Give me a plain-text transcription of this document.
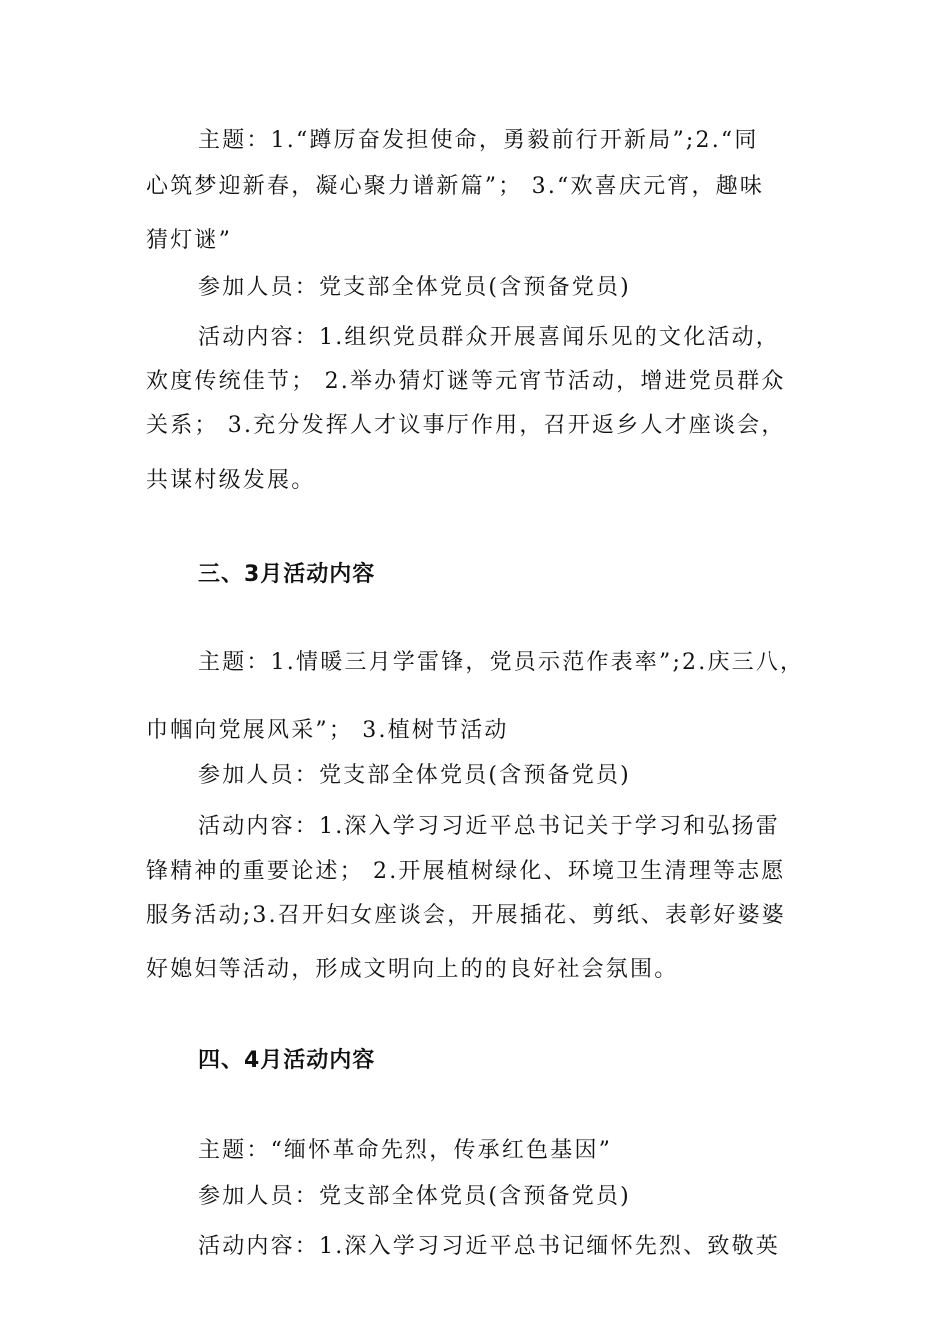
主题：1.“蹲厉奋发担使命，勇毅前行开新局”;2.“同
心筑梦迎新春，凝心聚力谱新篇”； 3.“欢喜庆元宵，趣味
猜灯谜”
参加人员：党支部全体党员(含预备党员)
活动内容：1.组织党员群众开展喜闻乐见的文化活动，
欢度传统佳节； 2.举办猜灯谜等元宵节活动，增进党员群众
关系； 3.充分发挥人才议事厅作用，召开返乡人才座谈会，
共谋村级发展。
三、3月活动内容
主题：1.情暖三月学雷锋，党员示范作表率”;2.庆三八，
巾帼向党展风采”； 3.植树节活动
参加人员：党支部全体党员(含预备党员)
活动内容：1.深入学习习近平总书记关于学习和弘扬雷
锋精神的重要论述； 2.开展植树绿化、环境卫生清理等志愿
服务活动;3.召开妇女座谈会，开展插花、剪纸、表彰好婆婆
好媳妇等活动，形成文明向上的的良好社会氛围。
四、4月活动内容
主题：“缅怀革命先烈，传承红色基因”
参加人员：党支部全体党员(含预备党员)
活动内容：1.深入学习习近平总书记缅怀先烈、致敬英
